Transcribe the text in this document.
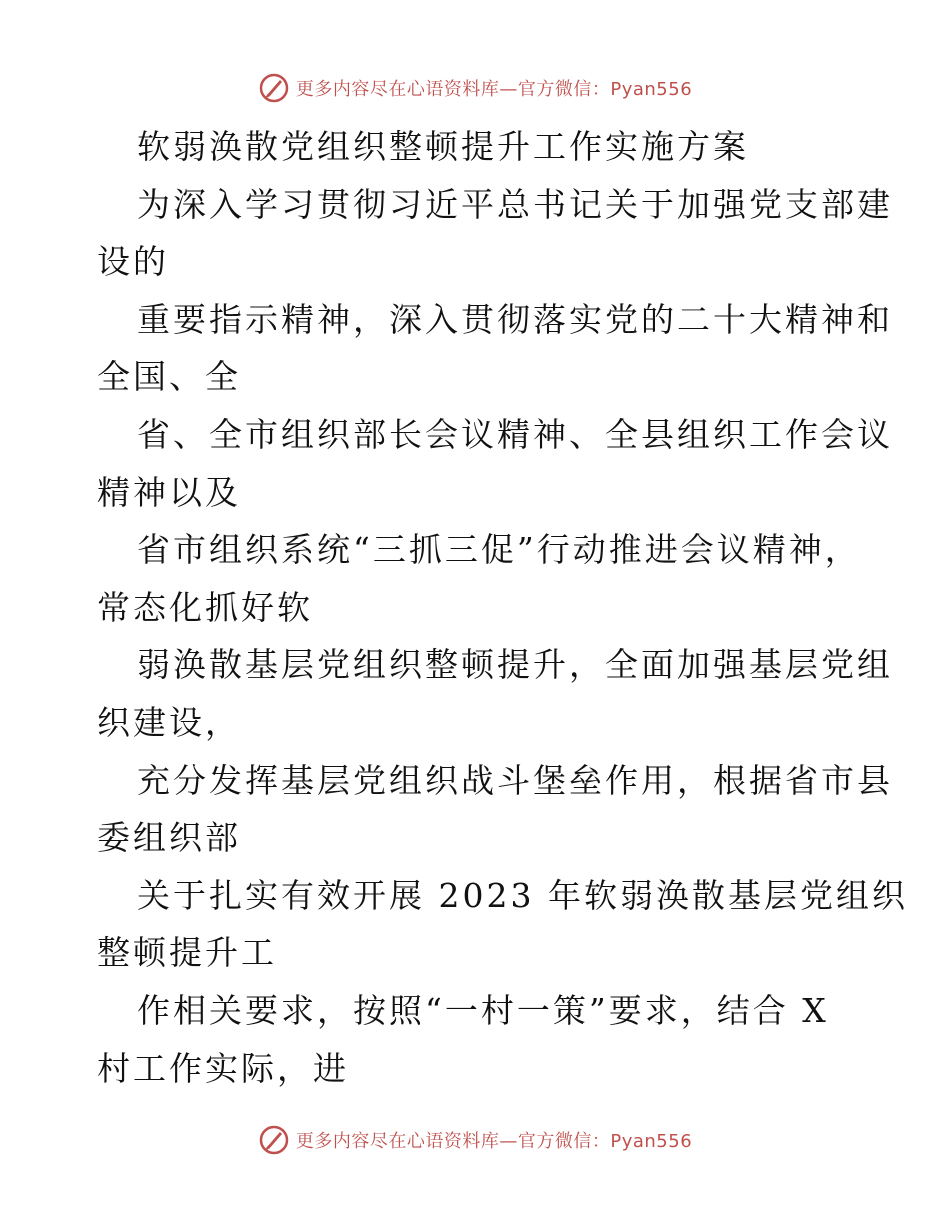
更多内容尽在心语资料库—官方微信：Pyan556
软弱涣散党组织整顿提升工作实施方案
为深入学习贯彻习近平总书记关于加强党支部建
设的
重要指示精神，深入贯彻落实党的二十大精神和
全国、全
省、全市组织部长会议精神、全县组织工作会议
精神以及
省市组织系统“三抓三促”行动推进会议精神，
常态化抓好软
弱涣散基层党组织整顿提升，全面加强基层党组
织建设，
充分发挥基层党组织战斗堡垒作用，根据省市县
委组织部
关于扎实有效开展 2023 年软弱涣散基层党组织
整顿提升工
作相关要求，按照“一村一策”要求，结合 X
村工作实际，进
更多内容尽在心语资料库—官方微信：Pyan556
